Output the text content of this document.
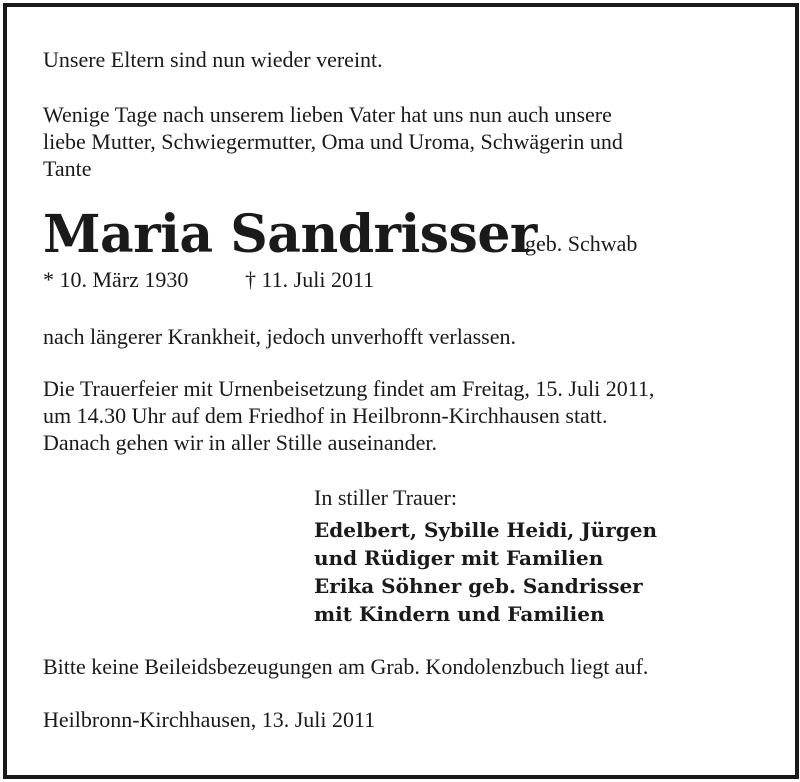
Unsere Eltern sind nun wieder vereint.
Wenige Tage nach unserem lieben Vater hat uns nun auch unsere
liebe Mutter, Schwiegermutter, Oma und Uroma, Schwägerin und
Tante
Maria Sandrisser
geb. Schwab
* 10. März 1930	† 11. Juli 2011
nach längerer Krankheit, jedoch unverhofft verlassen.
Die Trauerfeier mit Urnenbeisetzung findet am Freitag, 15. Juli 2011,
um 14.30 Uhr auf dem Friedhof in Heilbronn-Kirchhausen statt.
Danach gehen wir in aller Stille auseinander.
In stiller Trauer:
Edelbert, Sybille Heidi, Jürgen
und Rüdiger mit Familien
Erika Söhner geb. Sandrisser
mit Kindern und Familien
Bitte keine Beileidsbezeugungen am Grab. Kondolenzbuch liegt auf.
Heilbronn-Kirchhausen, 13. Juli 2011
